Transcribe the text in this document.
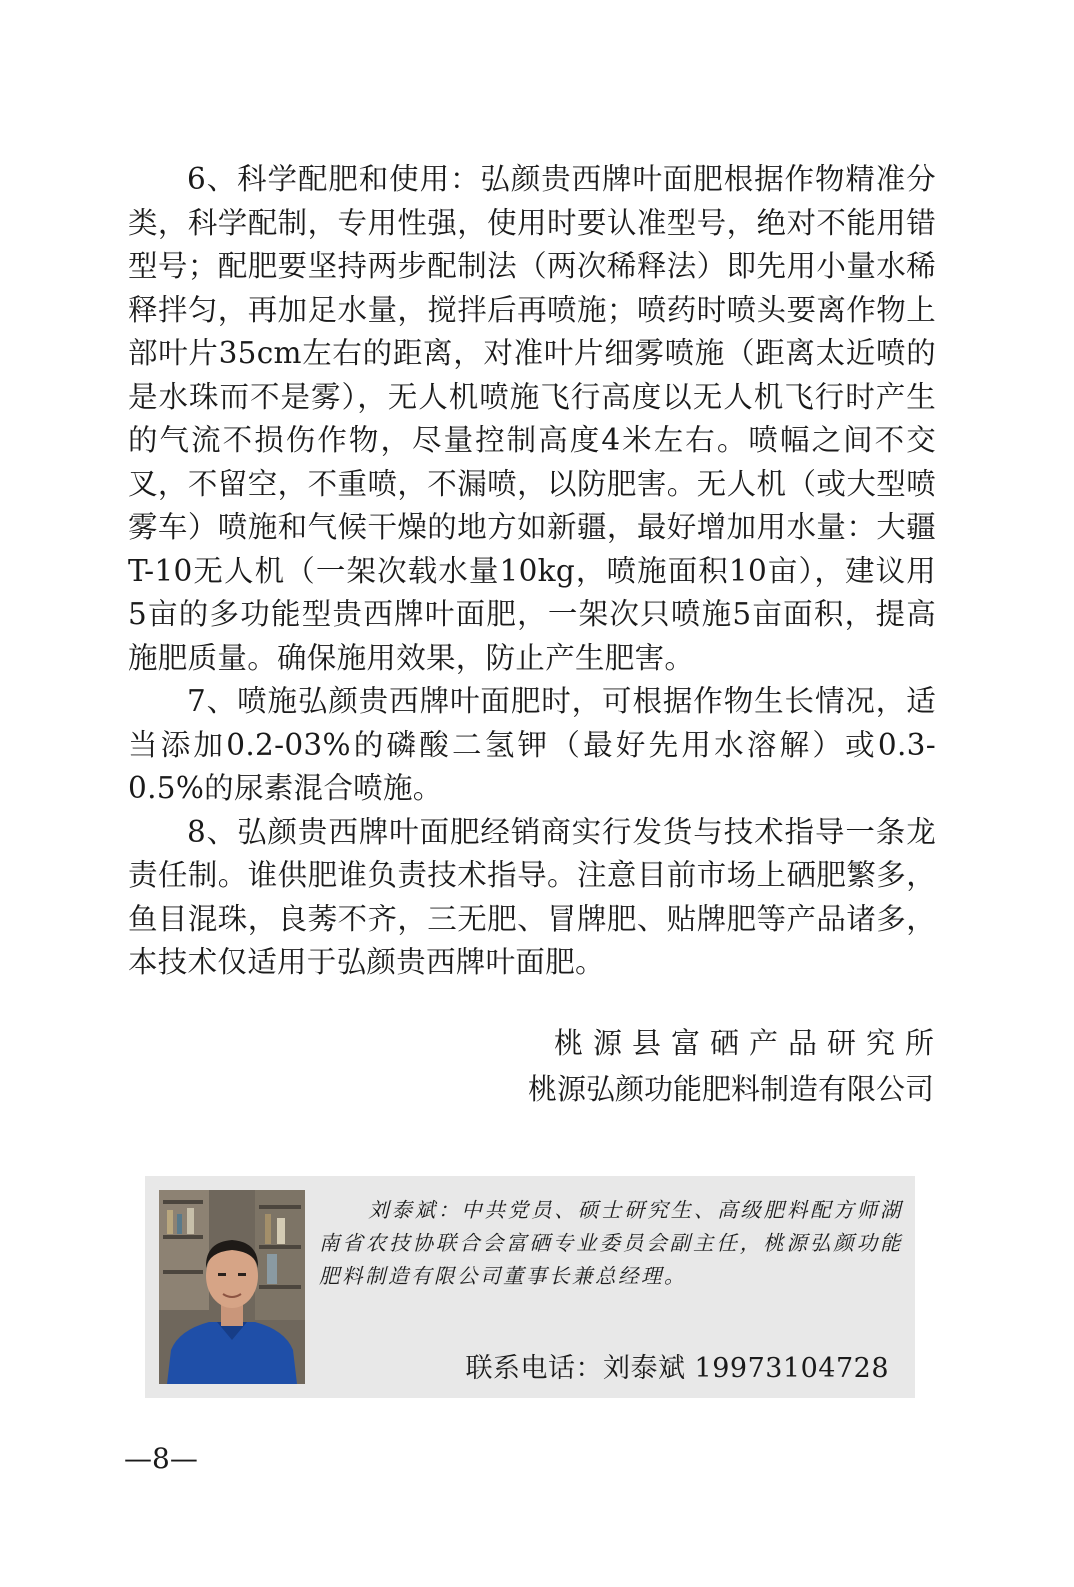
6、科学配肥和使用：弘颜贵西牌叶面肥根据作物精准分类，科学配制，专用性强，使用时要认准型号，绝对不能用错型号；配肥要坚持两步配制法（两次稀释法）即先用小量水稀释拌匀，再加足水量，搅拌后再喷施；喷药时喷头要离作物上部叶片35cm左右的距离，对准叶片细雾喷施（距离太近喷的是水珠而不是雾），无人机喷施飞行高度以无人机飞行时产生的气流不损伤作物，尽量控制高度4米左右。喷幅之间不交叉，不留空，不重喷，不漏喷，以防肥害。无人机（或大型喷雾车）喷施和气候干燥的地方如新疆，最好增加用水量：大疆T-10无人机（一架次载水量10kg，喷施面积10亩），建议用5亩的多功能型贵西牌叶面肥，一架次只喷施5亩面积，提高施肥质量。确保施用效果，防止产生肥害。

7、喷施弘颜贵西牌叶面肥时，可根据作物生长情况，适当添加0.2-03%的磷酸二氢钾（最好先用水溶解）或0.3-0.5%的尿素混合喷施。

8、弘颜贵西牌叶面肥经销商实行发货与技术指导一条龙责任制。谁供肥谁负责技术指导。注意目前市场上硒肥繁多，鱼目混珠，良莠不齐，三无肥、冒牌肥、贴牌肥等产品诸多，本技术仅适用于弘颜贵西牌叶面肥。

桃源县富硒产品研究所
桃源弘颜功能肥料制造有限公司

刘泰斌：中共党员、硕士研究生、高级肥料配方师湖南省农技协联合会富硒专业委员会副主任，桃源弘颜功能肥料制造有限公司董事长兼总经理。

联系电话：刘泰斌 19973104728
—8—
